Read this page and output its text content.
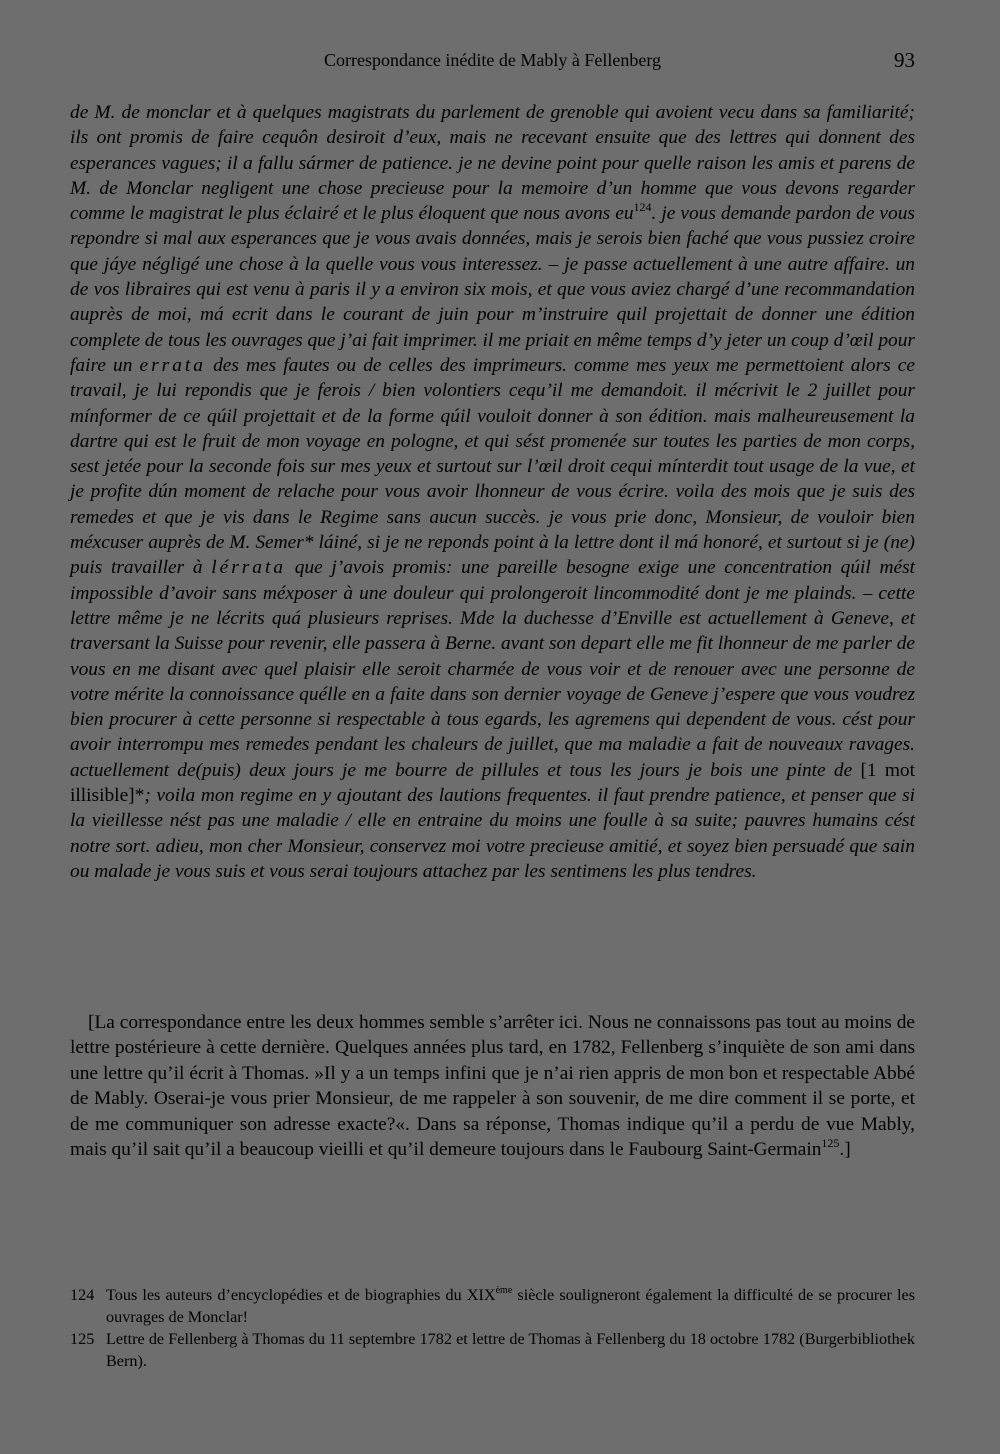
Correspondance inédite de Mably à Fellenberg	93
de M. de monclar et à quelques magistrats du parlement de grenoble qui avoient vecu dans sa familiarité; ils ont promis de faire cequôn desiroit d’eux, mais ne recevant ensuite que des lettres qui donnent des esperances vagues; il a fallu sármer de patience. je ne devine point pour quelle raison les amis et parens de M. de Monclar negligent une chose precieuse pour la memoire d’un homme que vous devons regarder comme le magistrat le plus éclairé et le plus éloquent que nous avons $eu^{124}$. je vous demande pardon de vous repondre si mal aux esperances que je vous avais données, mais je serois bien faché que vous pussiez croire que jáye négligé une chose à la quelle vous vous interessez. – je passe actuellement à une autre affaire. un de vos libraires qui est venu à paris il y a environ six mois, et que vous aviez chargé d’une recommandation auprès de moi, má ecrit dans le courant de juin pour m’instruire quil projettait de donner une édition complete de tous les ouvrages que j’ai fait imprimer. il me priait en même temps d’y jeter un coup d’œil pour faire un errata des mes fautes ou de celles des imprimeurs. comme mes yeux me permettoient alors ce travail, je lui repondis que je ferois / bien volontiers cequ’il me demandoit. il mécrivit le 2 juillet pour mínformer de ce qúil projettait et de la forme qúil vouloit donner à son édition. mais malheureusement la dartre qui est le fruit de mon voyage en pologne, et qui sést promenée sur toutes les parties de mon corps, sest jetée pour la seconde fois sur mes yeux et surtout sur l’œil droit cequi mínterdit tout usage de la vue, et je profite dún moment de relache pour vous avoir lhonneur de vous écrire. voila des mois que je suis des remedes et que je vis dans le Regime sans aucun succès. je vous prie donc, Monsieur, de vouloir bien méxcuser auprès de M. Semer* láiné, si je ne reponds point à la lettre dont il má honoré, et surtout si je (ne) puis travailler à lérrata que j’avois promis: une pareille besogne exige une concentration qúil mést impossible d’avoir sans méxposer à une douleur qui prolongeroit lincommodité dont je me plainds. – cette lettre même je ne lécrits quá plusieurs reprises. Mde la duchesse d’Enville est actuellement à Geneve, et traversant la Suisse pour revenir, elle passera à Berne. avant son depart elle me fit lhonneur de me parler de vous en me disant avec quel plaisir elle seroit charmée de vous voir et de renouer avec une personne de votre mérite la connoissance quélle en a faite dans son dernier voyage de Geneve j’espere que vous voudrez bien procurer à cette personne si respectable à tous egards, les agremens qui dependent de vous. cést pour avoir interrompu mes remedes pendant les chaleurs de juillet, que ma maladie a fait de nouveaux ravages. actuellement de(puis) deux jours je me bourre de pillules et tous les jours je bois une pinte de [1 mot illisible]*; voila mon regime en y ajoutant des lautions frequentes. il faut prendre patience, et penser que si la vieillesse nést pas une maladie / elle en entraine du moins une foulle à sa suite; pauvres humains cést notre sort. adieu, mon cher Monsieur, conservez moi votre precieuse amitié, et soyez bien persuadé que sain ou malade je vous suis et vous serai toujours attachez par les sentimens les plus tendres.

[La correspondance entre les deux hommes semble s’arrêter ici. Nous ne connaissons pas tout au moins de lettre postérieure à cette dernière. Quelques années plus tard, en 1782, Fellenberg s’inquiète de son ami dans une lettre qu’il écrit à Thomas. »Il y a un temps infini que je n’ai rien appris de mon bon et respectable Abbé de Mably. Oserai-je vous prier Monsieur, de me rappeler à son souvenir, de me dire comment il se porte, et de me communiquer son adresse exacte?«. Dans sa réponse, Thomas indique qu’il a perdu de vue Mably, mais qu’il sait qu’il a beaucoup vieilli et qu’il demeure toujours dans le Faubourg Saint-Germain$^{125}$.]

124 Tous les auteurs d’encyclopédies et de biographies du XIXème siècle souligneront également la difficulté de se procurer les ouvrages de Monclar!
125 Lettre de Fellenberg à Thomas du 11 septembre 1782 et lettre de Thomas à Fellenberg du 18 octobre 1782 (Burgerbibliothek Bern).
